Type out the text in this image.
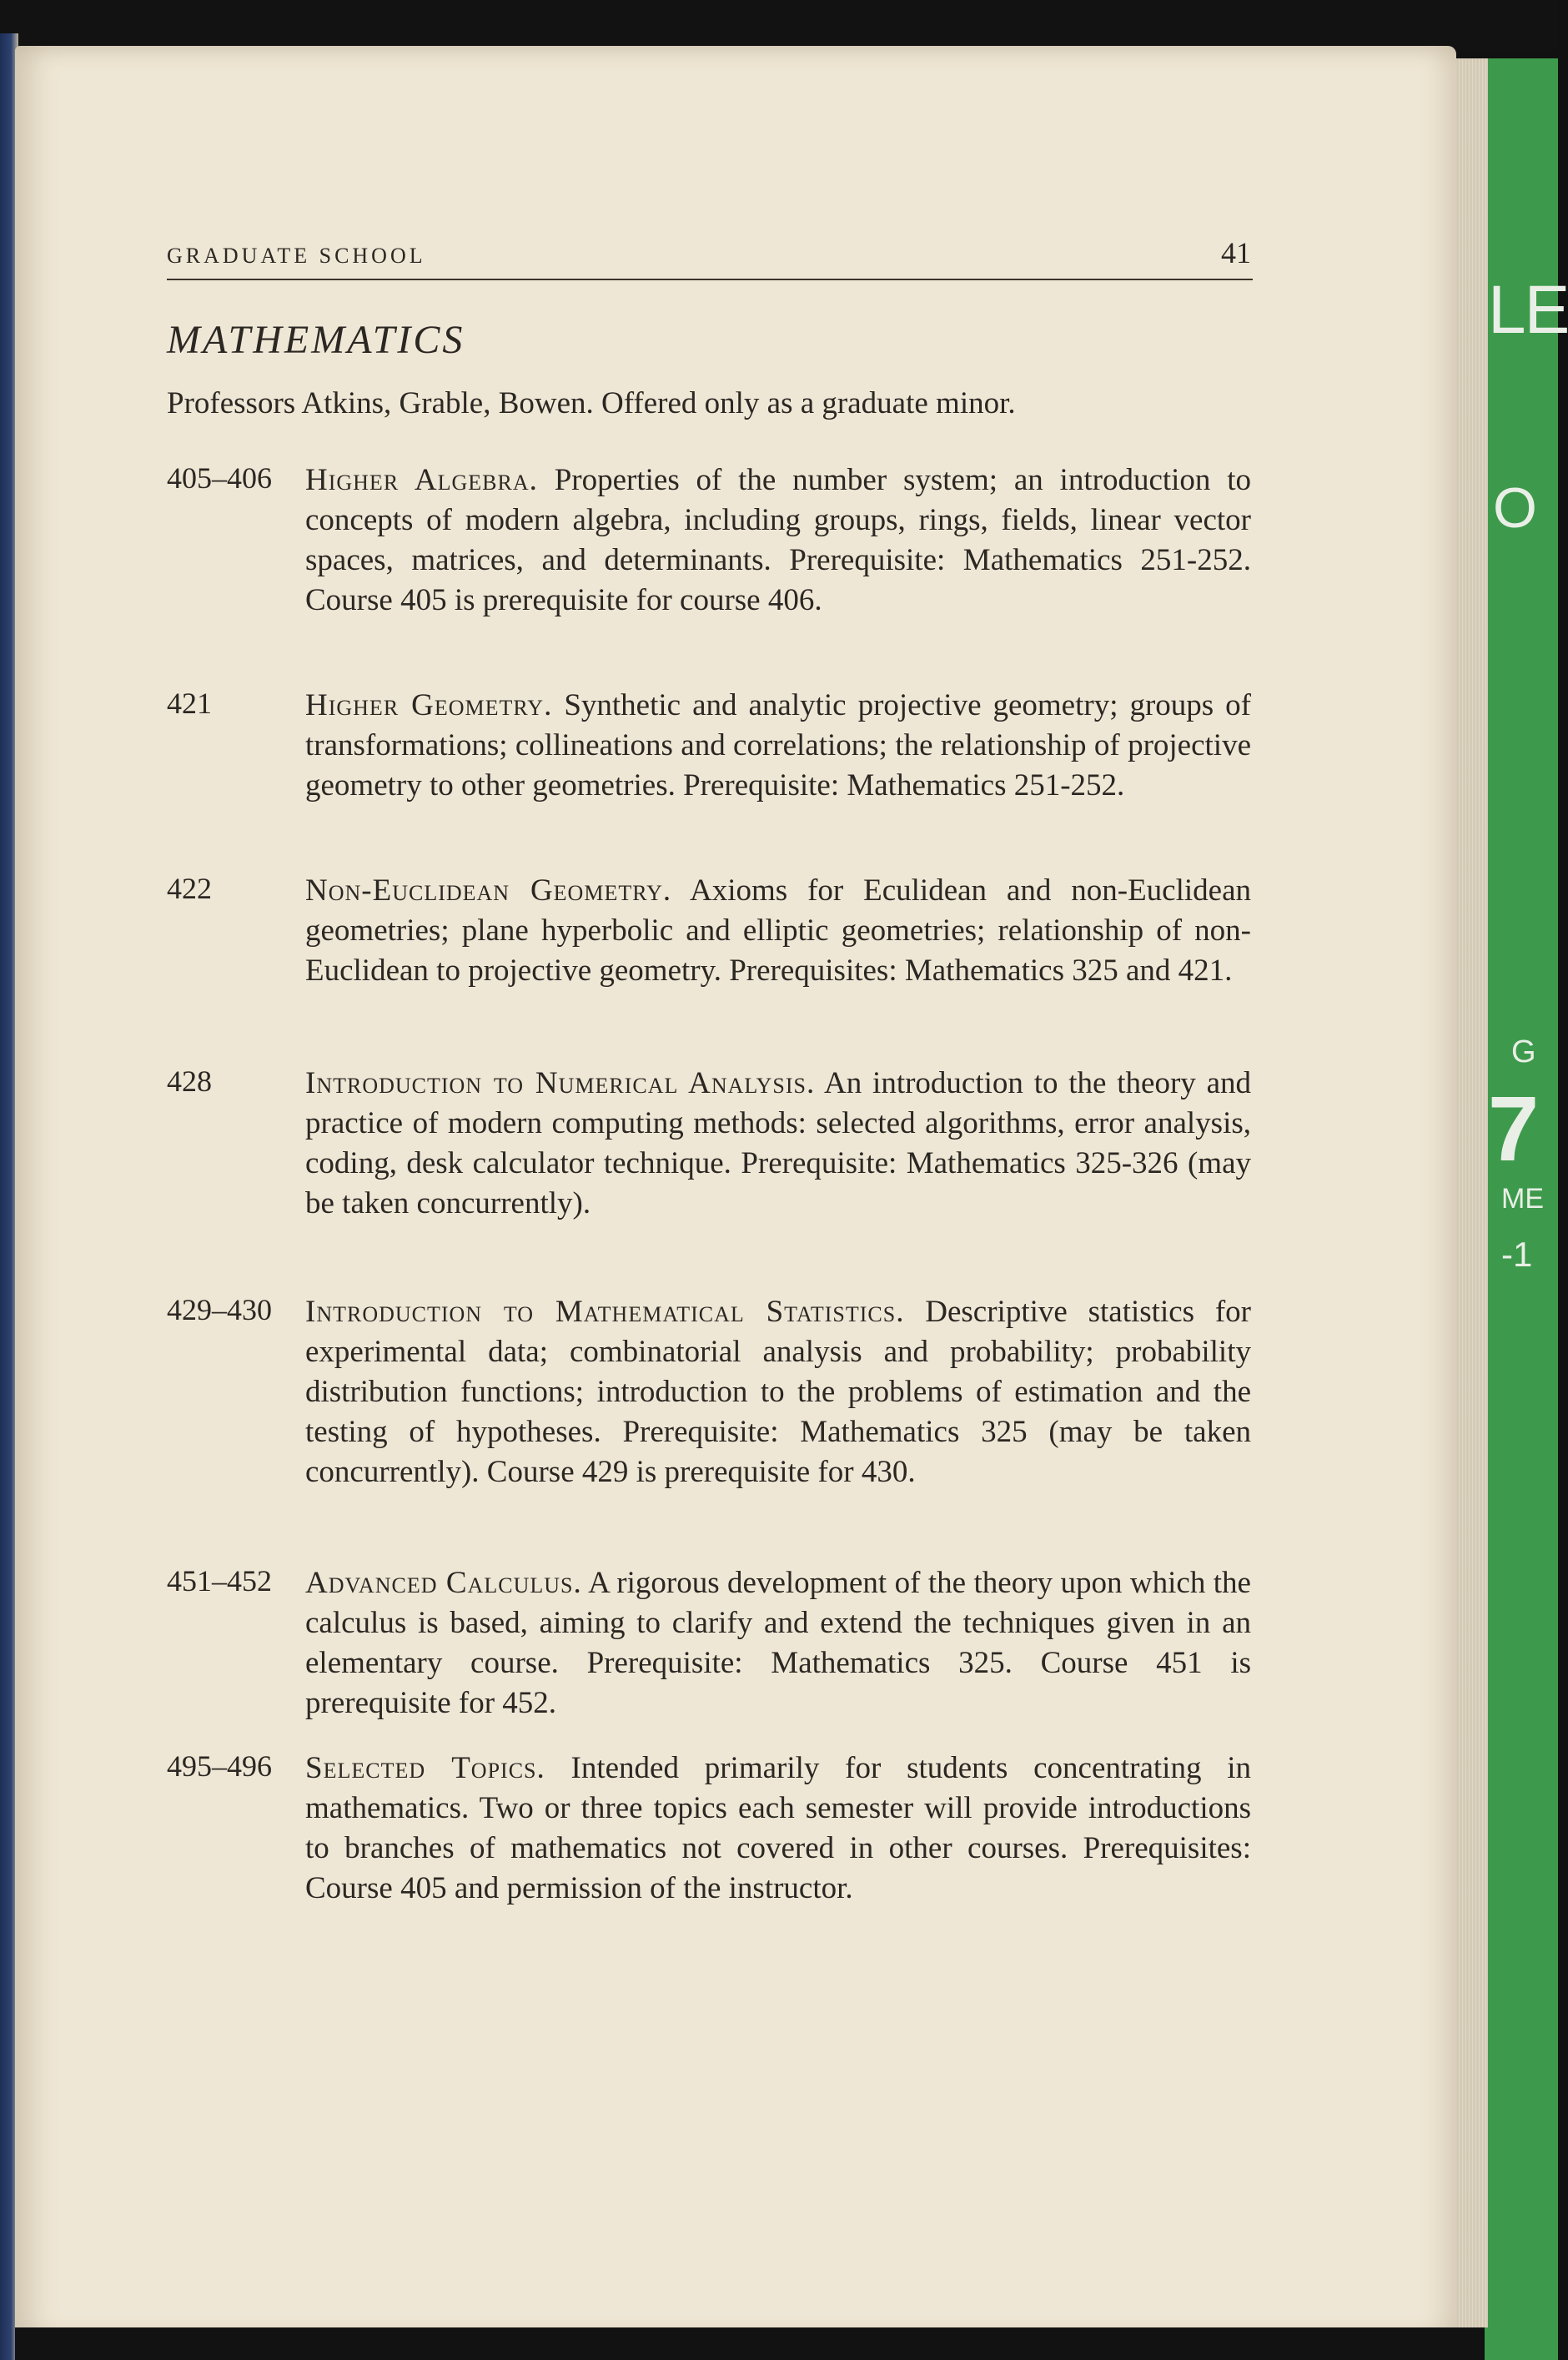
LE
O
G
7
ME
-1
GRADUATE SCHOOL	41
MATHEMATICS
Professors Atkins, Grable, Bowen. Offered only as a graduate minor.
405–406 Higher Algebra. Properties of the number system; an introduction to concepts of modern algebra, including groups, rings, fields, linear vector spaces, matrices, and determinants. Prerequisite: Mathematics 251-252. Course 405 is prerequisite for course 406.
421	Higher Geometry. Synthetic and analytic projective geometry; groups of transformations; collineations and correlations; the relationship of projective geometry to other geometries. Prerequisite: Mathematics 251-252.
422	Non-Euclidean Geometry. Axioms for Eculidean and non-Euclidean geometries; plane hyperbolic and elliptic geometries; relationship of non-Euclidean to projective geometry. Prerequisites: Mathematics 325 and 421.
428	Introduction to Numerical Analysis. An introduction to the theory and practice of modern computing methods: selected algorithms, error analysis, coding, desk calculator technique. Prerequisite: Mathematics 325-326 (may be taken concurrently).
429–430 Introduction to Mathematical Statistics. Descriptive statistics for experimental data; combinatorial analysis and probability; probability distribution functions; introduction to the problems of estimation and the testing of hypotheses. Prerequisite: Mathematics 325 (may be taken concurrently). Course 429 is prerequisite for 430.
451–452 Advanced Calculus. A rigorous development of the theory upon which the calculus is based, aiming to clarify and extend the techniques given in an elementary course. Prerequisite: Mathematics 325. Course 451 is prerequisite for 452.
495–496 Selected Topics. Intended primarily for students concentrating in mathematics. Two or three topics each semester will provide introductions to branches of mathematics not covered in other courses. Prerequisites: Course 405 and permission of the instructor.
